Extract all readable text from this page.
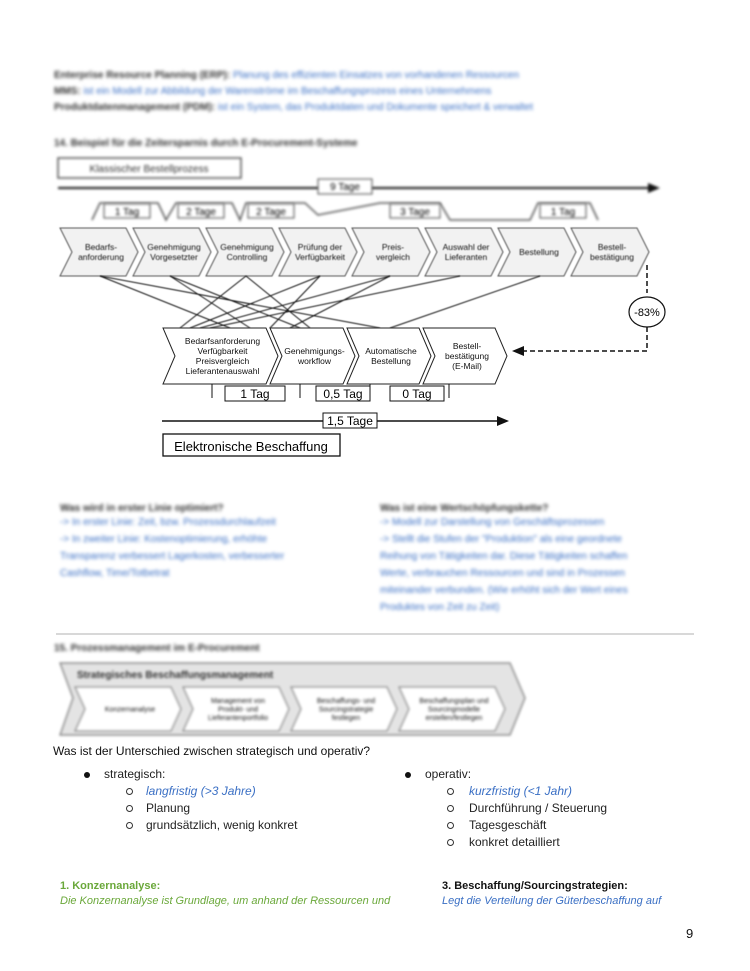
Enterprise Resource Planning (ERP): Planung des effizienten Einsatzes von vorhandenen Ressourcen
MMS: ist ein Modell zur Abbildung der Warenströme im Beschaffungsprozess eines Unternehmens
Produktdatenmanagement (PDM): ist ein System, das Produktdaten und Dokumente speichert & verwaltet
14. Beispiel für die Zeitersparnis durch E-Procurement-Systeme
Klassischer Bestellprozess
9 Tage
1 Tag	2 Tage	2 Tage	3 Tage	1 Tag
Bedarfs-
anforderung
Genehmigung
Vorgesetzter
Genehmigung
Controlling
Prüfung der
Verfügbarkeit
Preis-
vergleich
Auswahl der
Lieferanten	Bestellung	Bestell-
bestätigung
-83%
Bedarfsanforderung
Verfügbarkeit
Preisvergleich
Lieferantenauswahl
Genehmigungs-
workflow
Automatische
Bestellung
Bestell-
bestätigung
(E-Mail)
1 Tag	0,5 Tag	0 Tag
1,5 Tage
Elektronische Beschaffung
Was wird in erster Linie optimiert?
-> In erster Linie: Zeit, bzw. Prozessdurchlaufzeit
-> In zweiter Linie: Kostenoptimierung, erhöhte
Transparenz verbessert Lagerkosten, verbesserter
Cashflow, Time/Totbetrat
Was ist eine Wertschöpfungskette?
-> Modell zur Darstellung von Geschäftsprozessen
-> Stellt die Stufen der "Produktion" als eine geordnete
Reihung von Tätigkeiten dar. Diese Tätigkeiten schaffen
Werte, verbrauchen Ressourcen und sind in Prozessen
miteinander verbunden. (Wie erhöht sich der Wert eines
Produktes von Zeit zu Zeit)
15. Prozessmanagement im E-Procurement
Strategisches Beschaffungsmanagement
Konzernanalyse
Management von
Produkt- und
Lieferantenportfolio
Beschaffungs- und
Sourcingstrategie
festlegen
Beschaffungsplan und
Sourcingmodelle
erstellen/festlegen
Was ist der Unterschied zwischen strategisch und operativ?
strategisch:
langfristig (>3 Jahre)
Planung
grundsätzlich, wenig konkret
operativ:
kurzfristig (<1 Jahr)
Durchführung / Steuerung
Tagesgeschäft
konkret detailliert
1. Konzernanalyse:
Die Konzernanalyse ist Grundlage, um anhand der Ressourcen und
3. Beschaffung/Sourcingstrategien:
Legt die Verteilung der Güterbeschaffung auf
9
